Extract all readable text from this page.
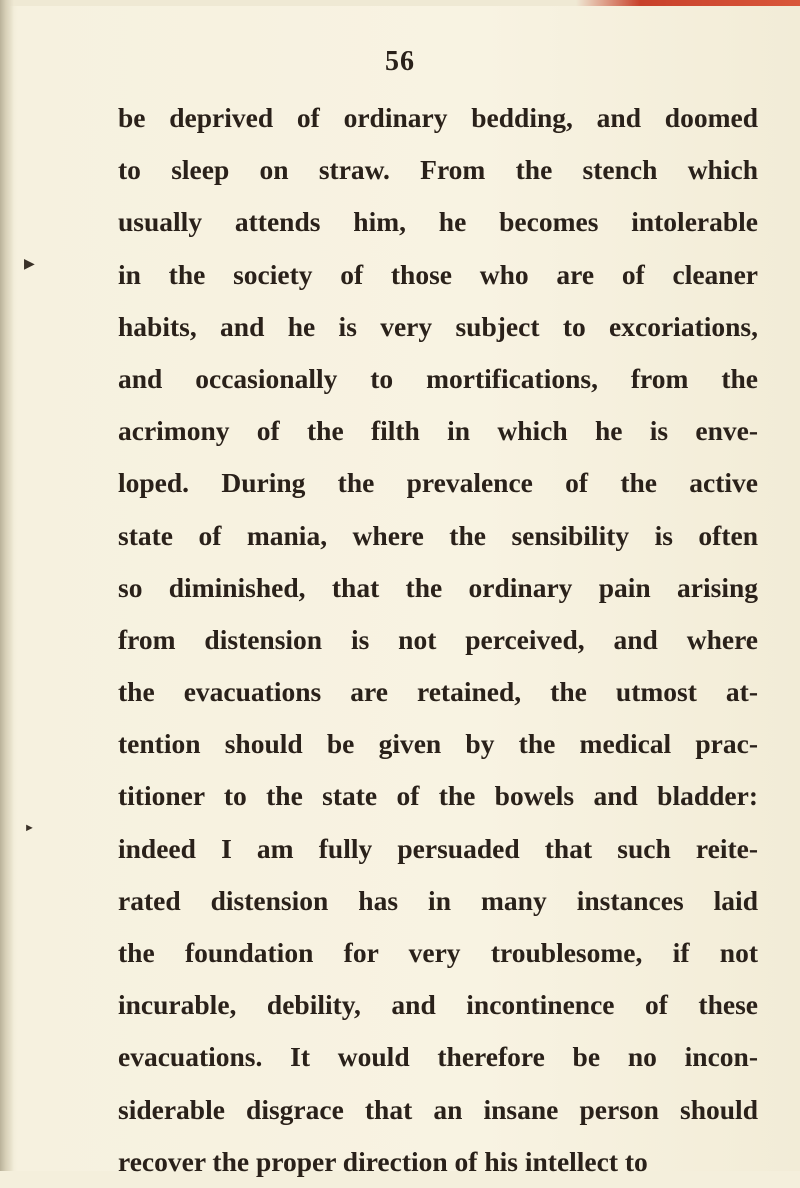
▶
►
56
be deprived of ordinary bedding, and doomed
to sleep on straw. From the stench which
usually attends him, he becomes intolerable
in the society of those who are of cleaner
habits, and he is very subject to excoriations,
and occasionally to mortifications, from the
acrimony of the filth in which he is enve-
loped. During the prevalence of the active
state of mania, where the sensibility is often
so diminished, that the ordinary pain arising
from distension is not perceived, and where
the evacuations are retained, the utmost at-
tention should be given by the medical prac-
titioner to the state of the bowels and bladder:
indeed I am fully persuaded that such reite-
rated distension has in many instances laid
the foundation for very troublesome, if not
incurable, debility, and incontinence of these
evacuations. It would therefore be no incon-
siderable disgrace that an insane person should
recover the proper direction of his intellect to
